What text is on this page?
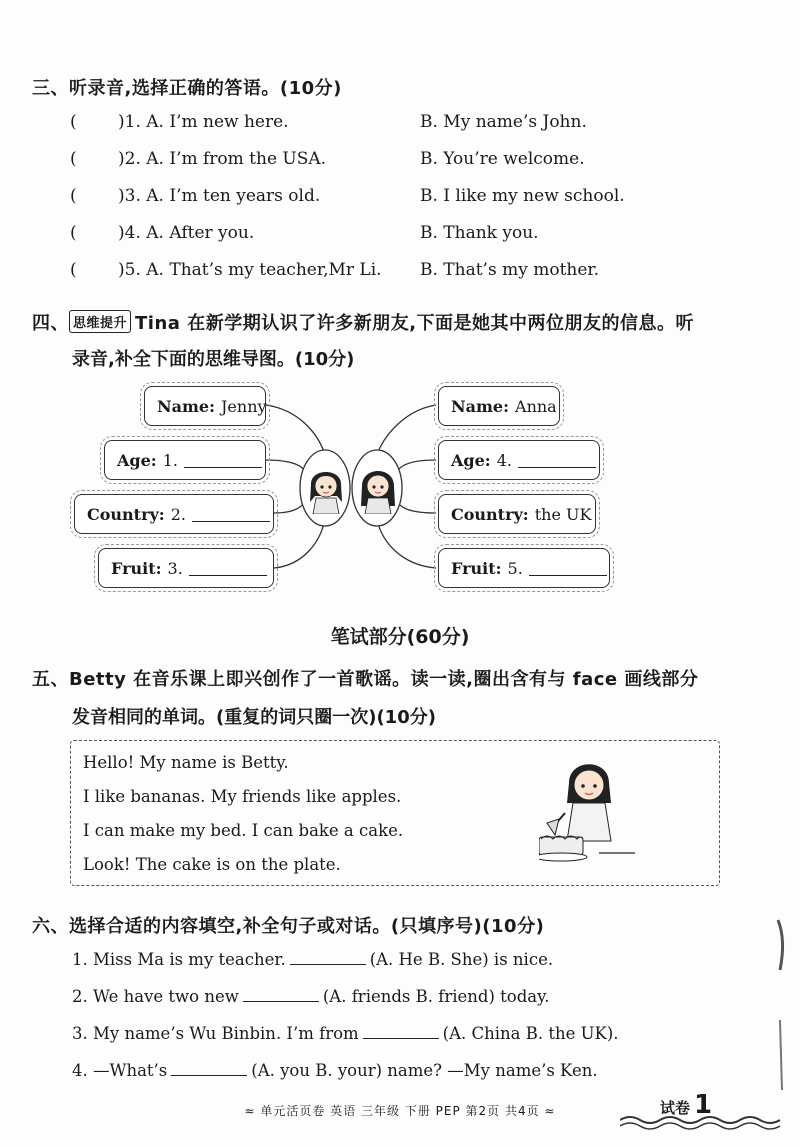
三、听录音,选择正确的答语。(10分)
( )1. A. I’m new here.	B. My name’s John.
( )2. A. I’m from the USA.	B. You’re welcome.
( )3. A. I’m ten years old.	B. I like my new school.
( )4. A. After you.	B. Thank you.
( )5. A. That’s my teacher,Mr Li. B. That’s my mother.
四、 思维提升 Tina 在新学期认识了许多新朋友,下面是她其中两位朋友的信息。听
录音,补全下面的思维导图。(10分)
Name: Jenny
Age: 1.
Country: 2.
Fruit: 3.
Name: Anna
Age: 4.
Country: the UK
Fruit: 5.
笔试部分(60分)
五、Betty 在音乐课上即兴创作了一首歌谣。读一读,圈出含有与 face 画线部分
发音相同的单词。(重复的词只圈一次)(10分)
Hello! My name is Betty.
I like bananas. My friends like apples.
I can make my bed. I can bake a cake.
Look! The cake is on the plate.
六、选择合适的内容填空,补全句子或对话。(只填序号)(10分)
1. Miss Ma is my teacher.	(A. He B. She) is nice.
2. We have two new	(A. friends B. friend) today.
3. My name’s Wu Binbin. I’m from	(A. China B. the UK).
4. —What’s	(A. you B. your) name? —My name’s Ken.
≈ 单元活页卷 英语 三年级 下册 PEP 第2页 共4页 ≈	试卷 1
